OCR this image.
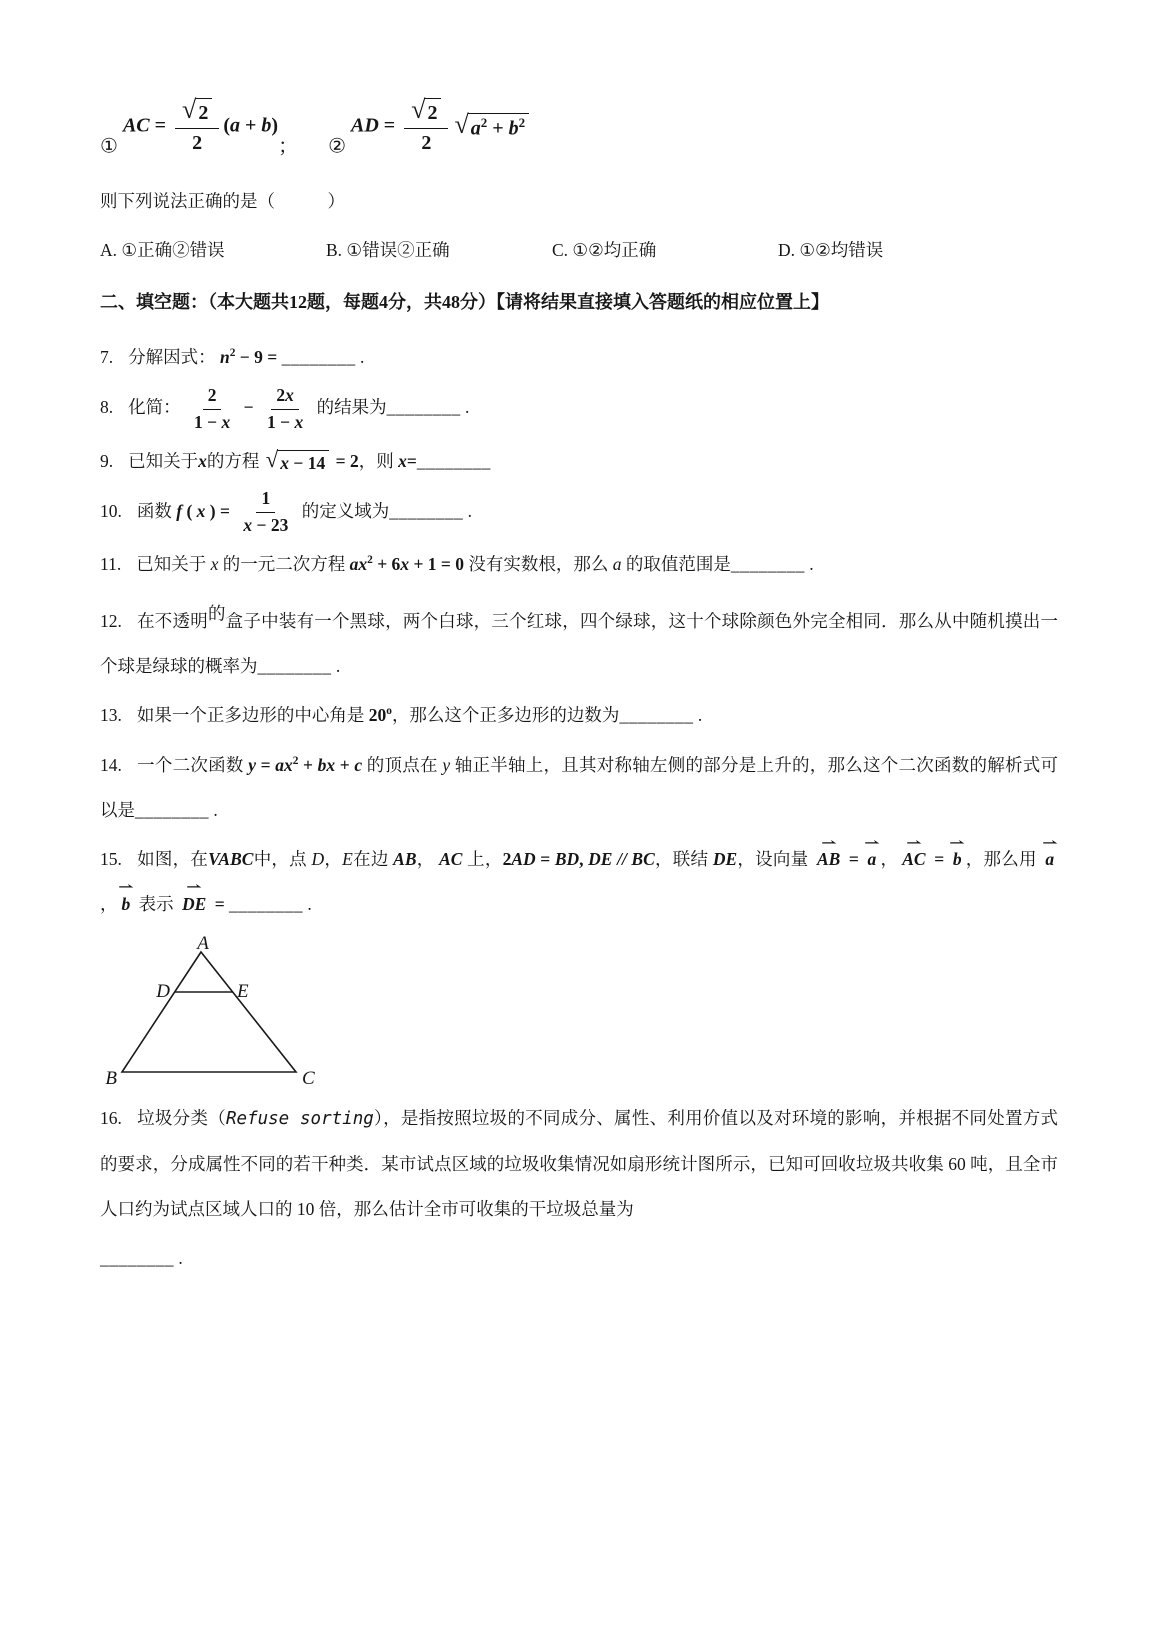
① AC = $\frac{√ 2}{2} (a + b)$；　　② AD = $\frac{√ 2}{2}$ √ $a^2 + b^2$
则下列说法正确的是（　　　）
A. ①正确②错误	B. ①错误②正确	C. ①②均正确	D. ①②均错误
二、填空题：（本大题共12题，每题4分，共48分）【请将结果直接填入答题纸的相应位置上】
7. 分解因式： $n^2 - 9$ = ________ .
8. 化简： $\frac{2}{1 - x} - \frac{2x}{1 - x}$ 的结果为________ .
9. 已知关于x的方程 √ x − 14 = 2，则 x=________
10. 函数 f ( x ) = $\frac{1}{x - 23}$ 的定义域为________ .
11. 已知关于 x 的一元二次方程 $ax^2 + 6x + 1 = 0$ 没有实数根，那么 a 的取值范围是________ .
12. 在不透明的盒子中装有一个黑球，两个白球，三个红球，四个绿球，这十个球除颜色外完全相同．那么从中随机摸出一个球是绿球的概率为________ .
13. 如果一个正多边形的中心角是 20$^o$，那么这个正多边形的边数为________ .
14. 一个二次函数 $y = ax^2$ + bx + c 的顶点在 y 轴正半轴上，且其对称轴左侧的部分是上升的，那么这个二次函数的解析式可以是________ .
15. 如图，在VABC中，点 D，E在边 AB， AC 上，2AD = BD, DE // BC，联结 DE，设向量
⇀
AB =
⇀
a ，
⇀
AC =
⇀
b ，那么用
⇀
a，
⇀
b 表示
⇀
DE = ________ .
A
D	E
B	C
16. 垃圾分类（Refuse sorting），是指按照垃圾的不同成分、属性、利用价值以及对环境的影响，并根据不同处置方式的要求，分成属性不同的若干种类．某市试点区域的垃圾收集情况如扇形统计图所示，已知可回收垃圾共收集 60 吨，且全市人口约为试点区域人口的 10 倍，那么估计全市可收集的干垃圾总量为
________ .
